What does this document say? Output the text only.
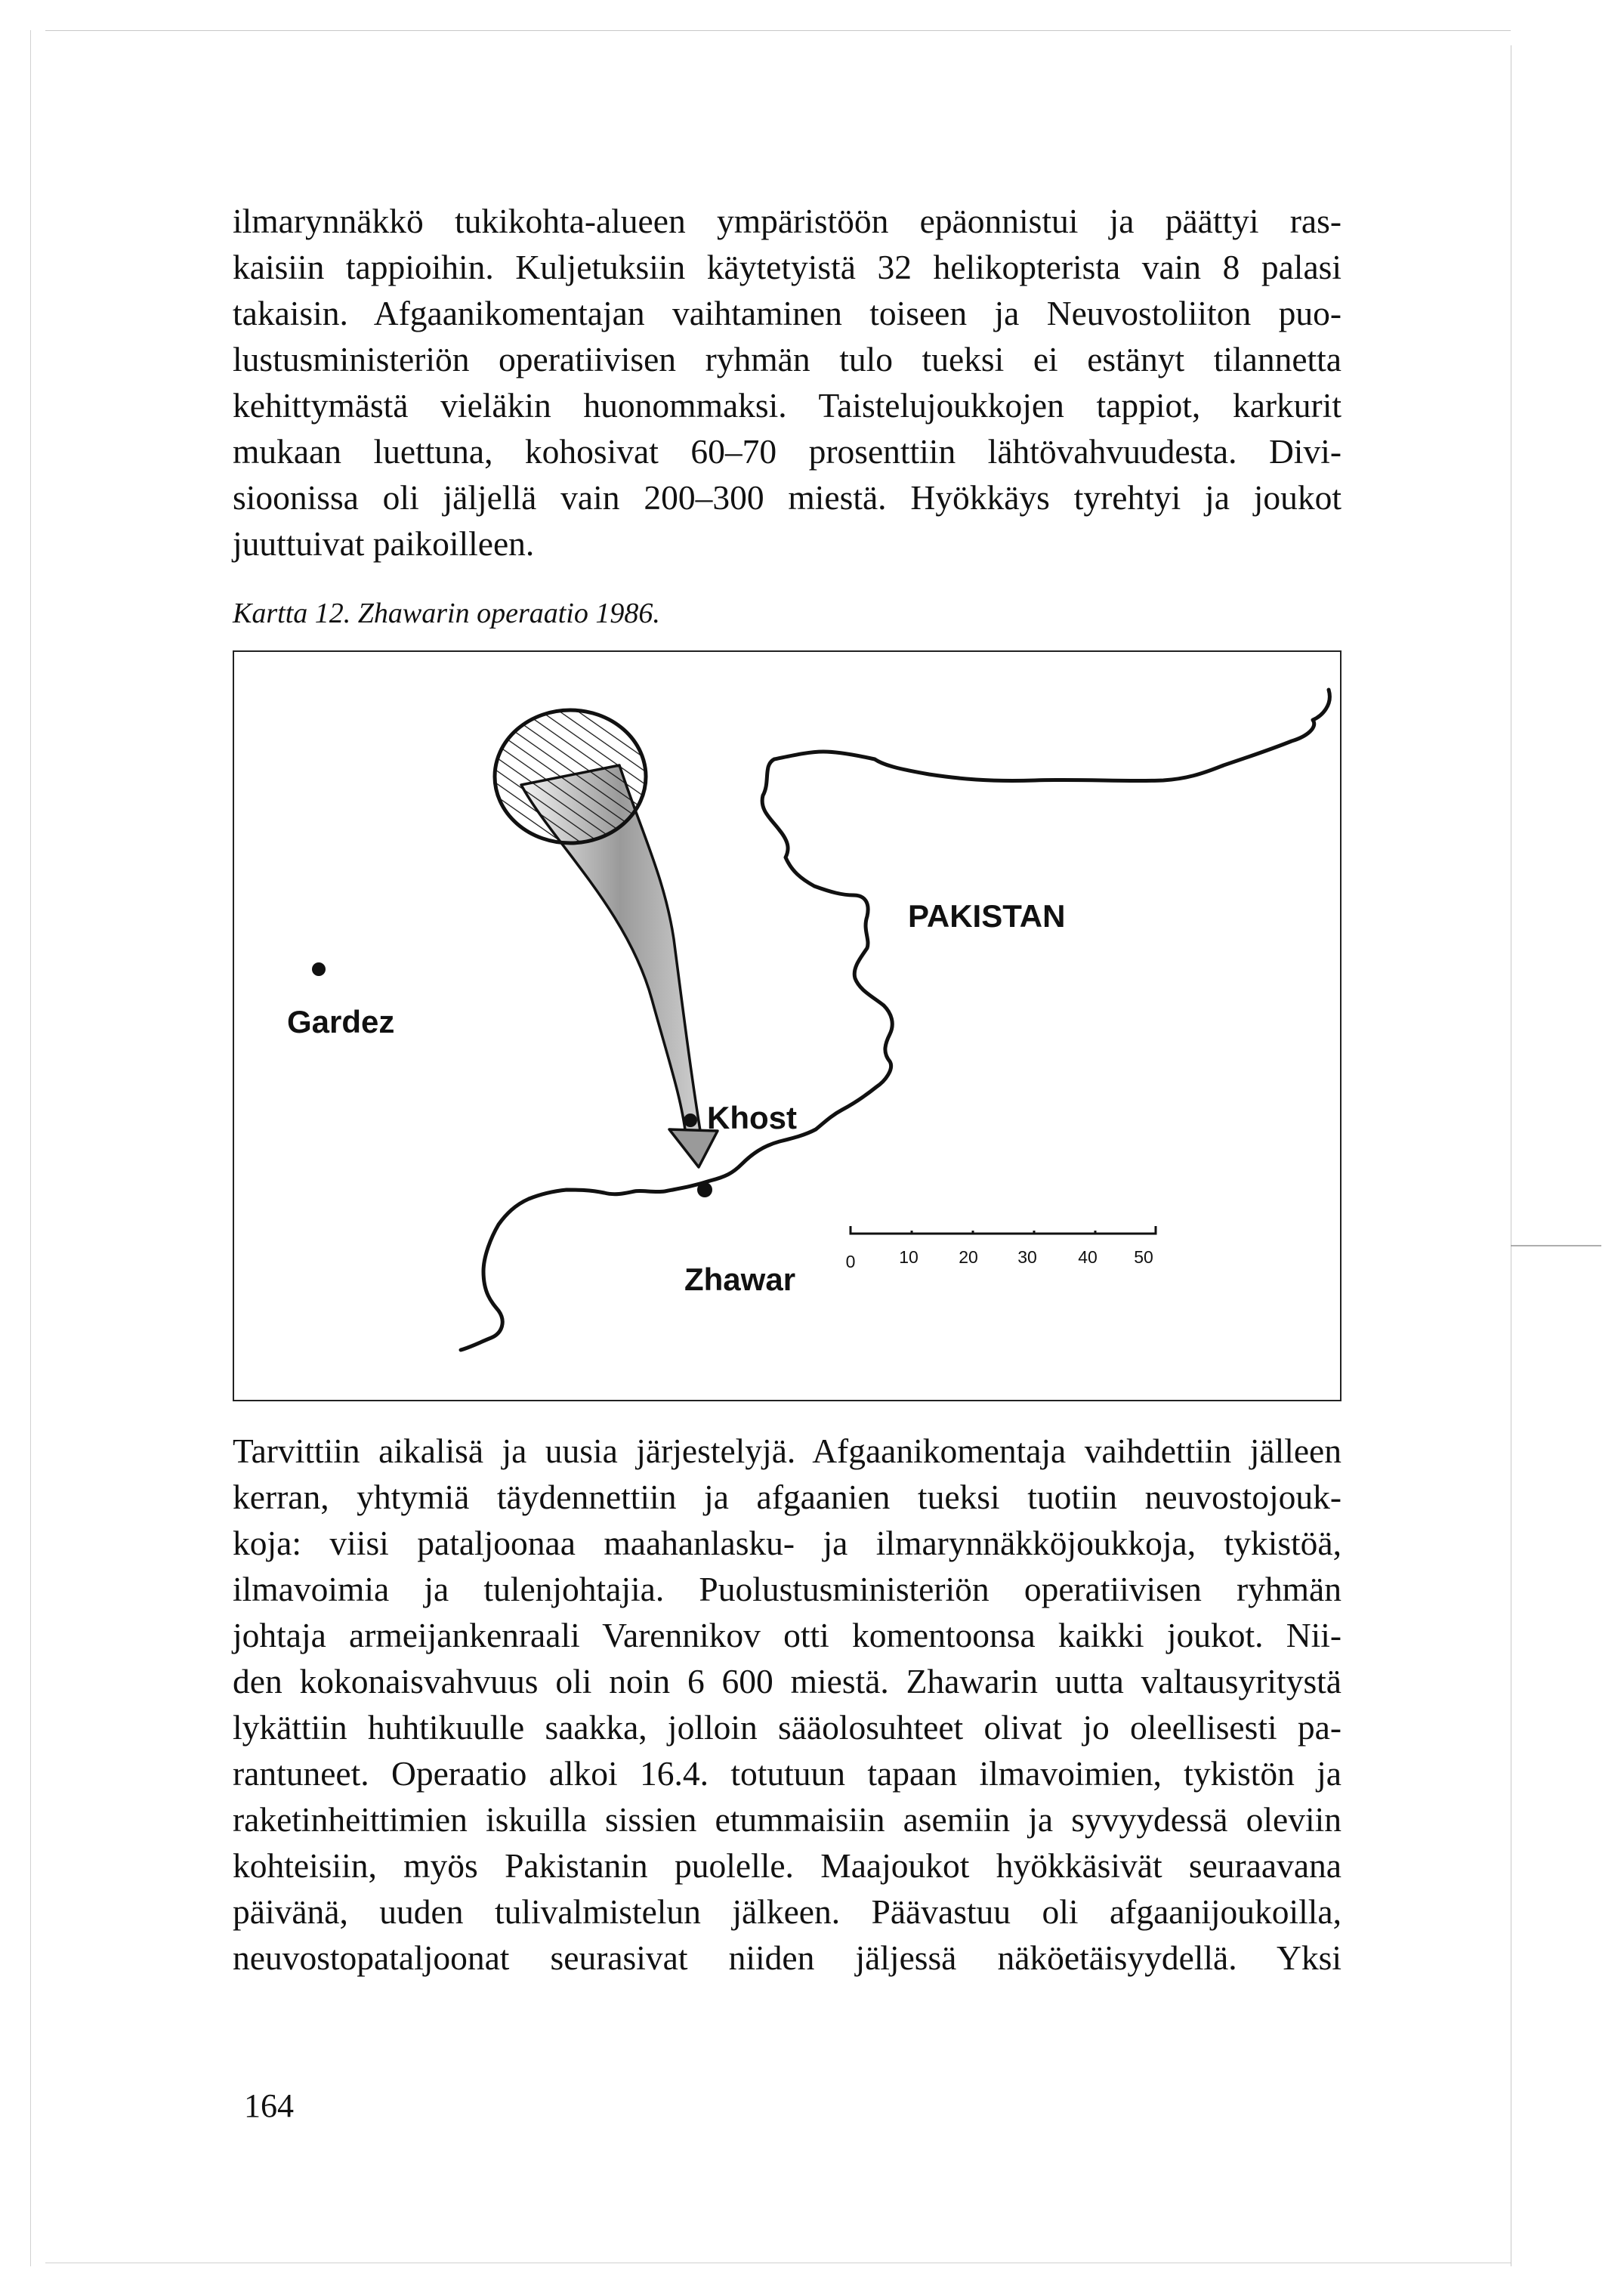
ilmarynnäkkö tukikohta-alueen ympäristöön epäonnistui ja päättyi ras-
kaisiin tappioihin. Kuljetuksiin käytetyistä 32 helikopterista vain 8 palasi
takaisin. Afgaanikomentajan vaihtaminen toiseen ja Neuvostoliiton puo-
lustusministeriön operatiivisen ryhmän tulo tueksi ei estänyt tilannetta
kehittymästä vieläkin huonommaksi. Taistelujoukkojen tappiot, karkurit
mukaan luettuna, kohosivat 60–70 prosenttiin lähtövahvuudesta. Divi-
sioonissa oli jäljellä vain 200–300 miestä. Hyökkäys tyrehtyi ja joukot
juuttuivat paikoilleen.

Kartta 12. Zhawarin operaatio 1986.

PAKISTAN
Gardez
Khost
Zhawar	0	10 20 30 40 50
Tarvittiin aikalisä ja uusia järjestelyjä. Afgaanikomentaja vaihdettiin jälleen
kerran, yhtymiä täydennettiin ja afgaanien tueksi tuotiin neuvostojouk-
koja: viisi pataljoonaa maahanlasku- ja ilmarynnäkköjoukkoja, tykistöä,
ilmavoimia ja tulenjohtajia. Puolustusministeriön operatiivisen ryhmän
johtaja armeijankenraali Varennikov otti komentoonsa kaikki joukot. Nii-
den kokonaisvahvuus oli noin 6 600 miestä. Zhawarin uutta valtausyritystä
lykättiin huhtikuulle saakka, jolloin sääolosuhteet olivat jo oleellisesti pa-
rantuneet. Operaatio alkoi 16.4. totutuun tapaan ilmavoimien, tykistön ja
raketinheittimien iskuilla sissien etummaisiin asemiin ja syvyydessä oleviin
kohteisiin, myös Pakistanin puolelle. Maajoukot hyökkäsivät seuraavana
päivänä, uuden tulivalmistelun jälkeen. Päävastuu oli afgaanijoukoilla,
neuvostopataljoonat seurasivat niiden jäljessä näköetäisyydellä. Yksi
164
